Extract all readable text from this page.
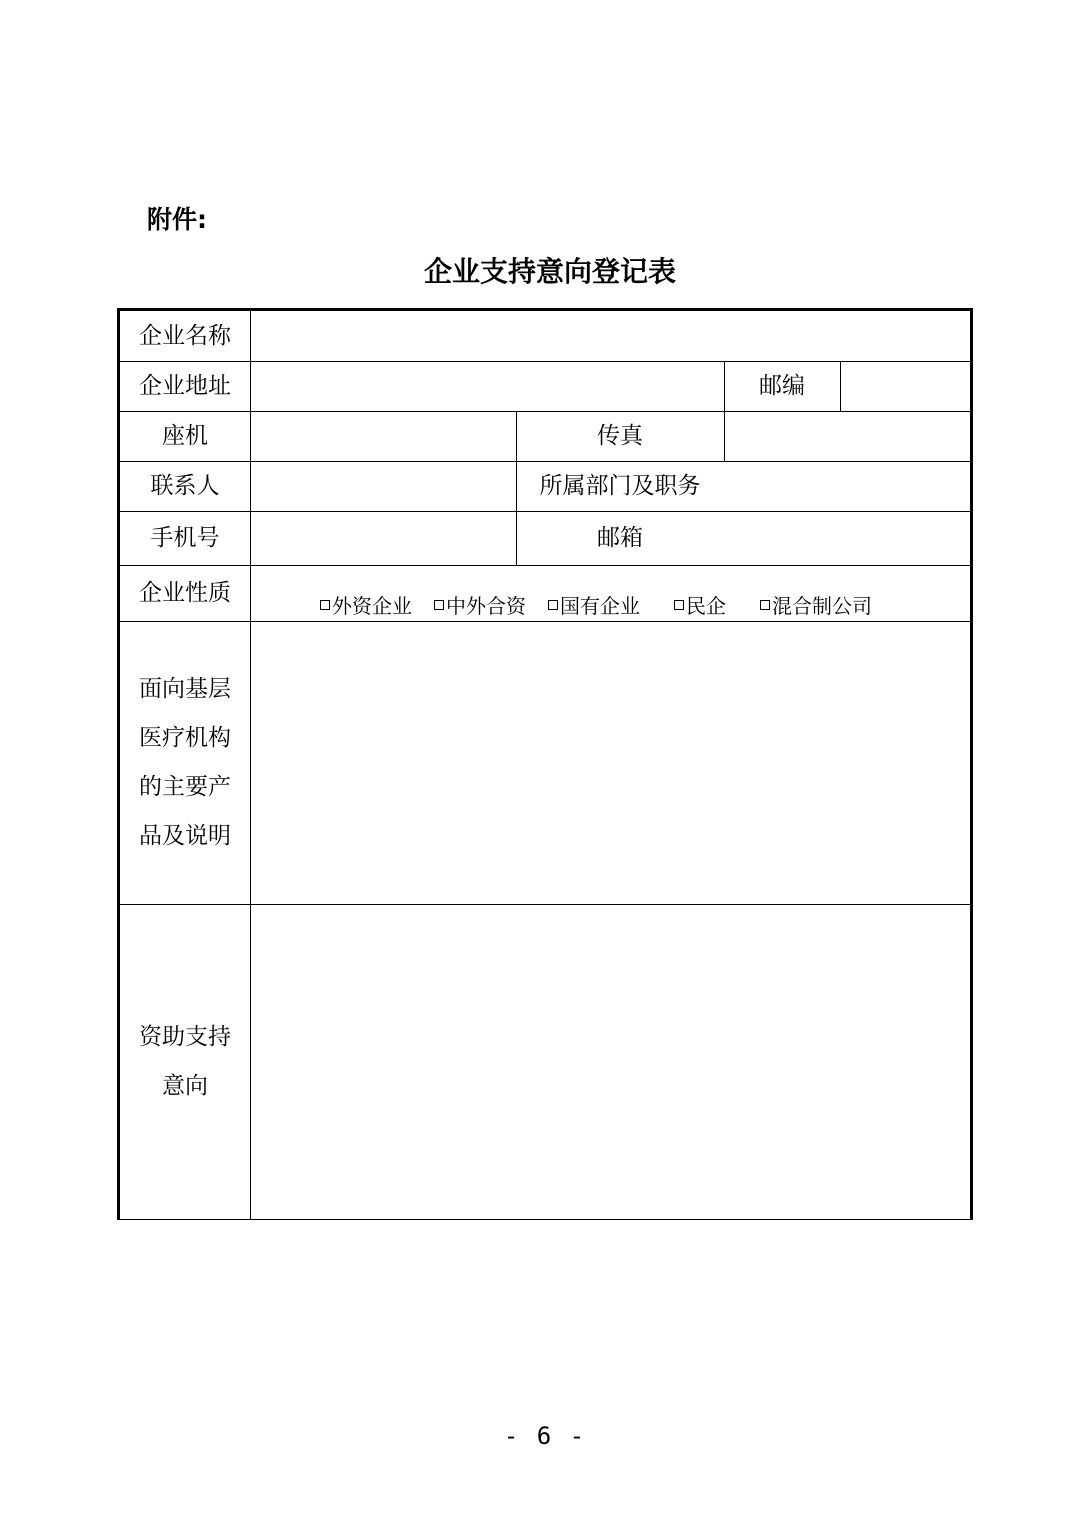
附件:
企业支持意向登记表
企业名称
企业地址	邮编
座机	传真
联系人	所属部门及职务
手机号	邮箱
企业性质
外资企业 中外合资 国有企业 民企 混合制公司
面向基层
医疗机构
的主要产
品及说明
资助支持
意向
- 6 -
